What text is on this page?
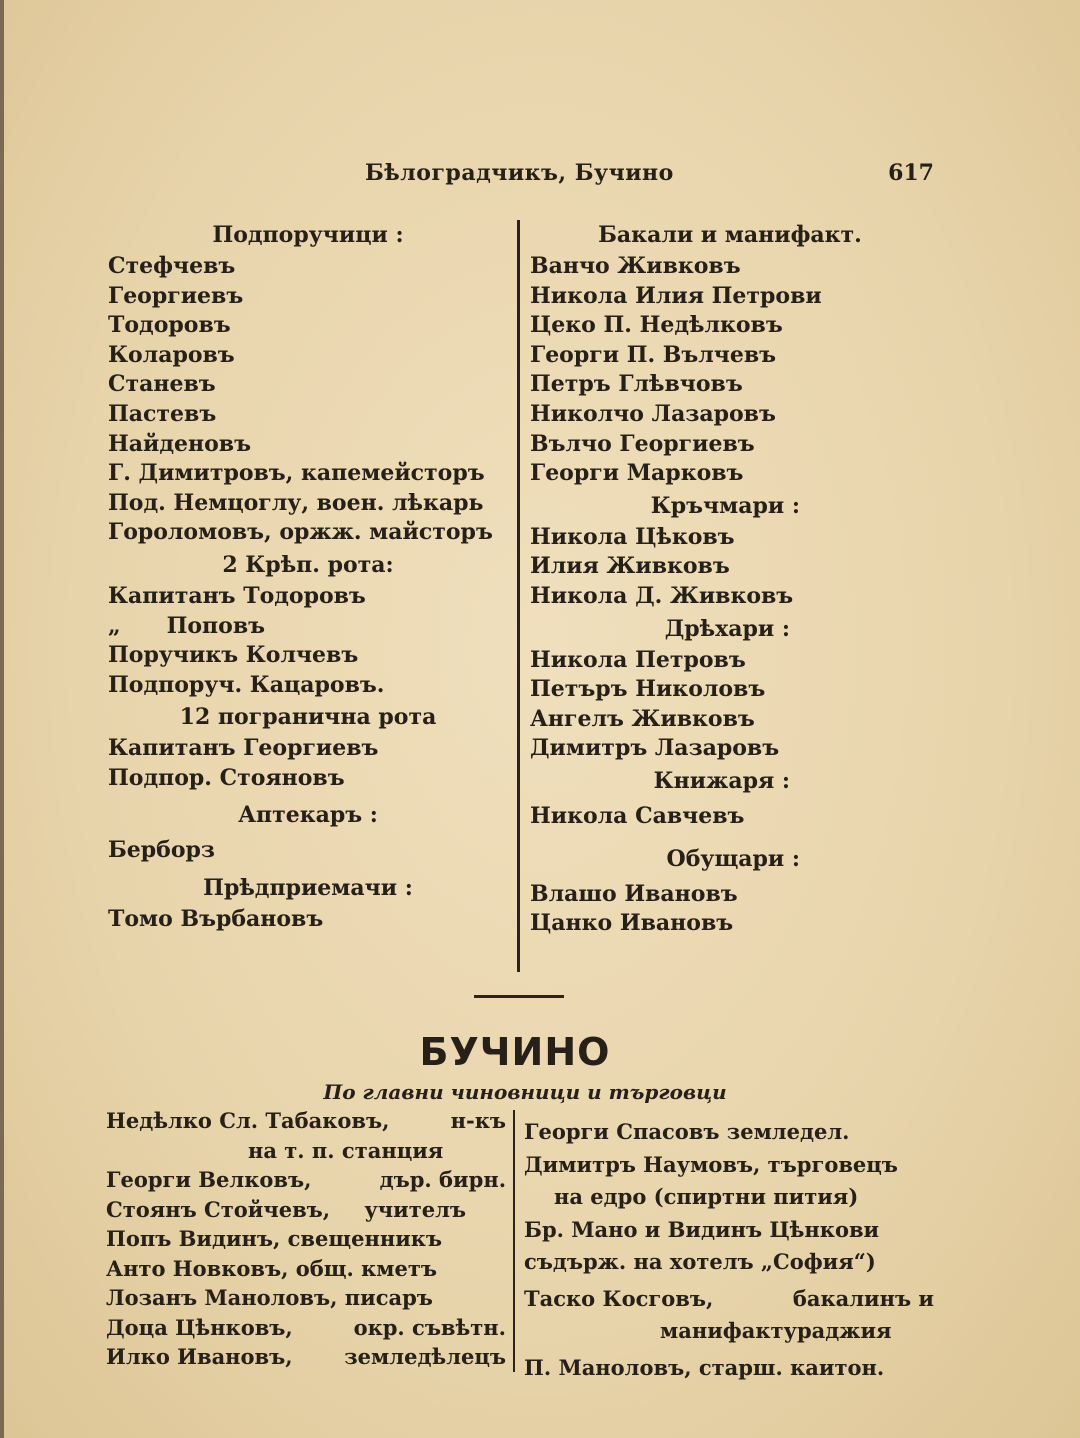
Бѣлоградчикъ, Бучино	617
Подпоручици :
Стефчевъ
Георгиевъ
Тодоровъ
Коларовъ
Станевъ
Пастевъ
Найденовъ
Г. Димитровъ, капемейсторъ
Под. Немцоглу, воен. лѣкарь
Гороломовъ, оржж. майсторъ
2 Крѣп. рота:
Капитанъ Тодоровъ
„      Поповъ
Поручикъ Колчевъ
Подпоруч. Кацаровъ.
12 погранична рота
Капитанъ Георгиевъ
Подпор. Стояновъ
Аптекаръ :
Берборз
Прѣдприемачи :
Томо Върбановъ
Бакали и манифакт.
Ванчо Живковъ
Никола Илия Петрови
Цеко П. Недѣлковъ
Георги П. Вълчевъ
Петръ Глѣвчовъ
Николчо Лазаровъ
Вълчо Георгиевъ
Георги Марковъ
Кръчмари :
Никола Цѣковъ
Илия Живковъ
Никола Д. Живковъ
Дрѣхари :
Никола Петровъ
Петъръ Николовъ
Ангелъ Живковъ
Димитръ Лазаровъ
Книжаря :
Никола Савчевъ
Обущари :
Влашо Ивановъ
Цанко Ивановъ
БУЧИНО
По главни чиновници и търговци
Недѣлко Сл. Табаковъ,	н-къ
на т. п. станция
Георги Велковъ,	дър. бирн.
Стоянъ Стойчевъ, учителъ
Попъ Видинъ, свещенникъ
Анто Новковъ, общ. кметъ
Лозанъ Маноловъ, писаръ
Доца Цѣнковъ,	окр. съвѣтн.
Илко Ивановъ, земледѣлецъ
Георги Спасовъ земледел.
Димитръ Наумовъ, търговецъ
на едро (спиртни пития)
Бр. Мано и Видинъ Цѣнкови
съдърж. на хотелъ „София“)
Таско Косговъ,	бакалинъ и
манифактураджия
П. Маноловъ, старш. каитон.
